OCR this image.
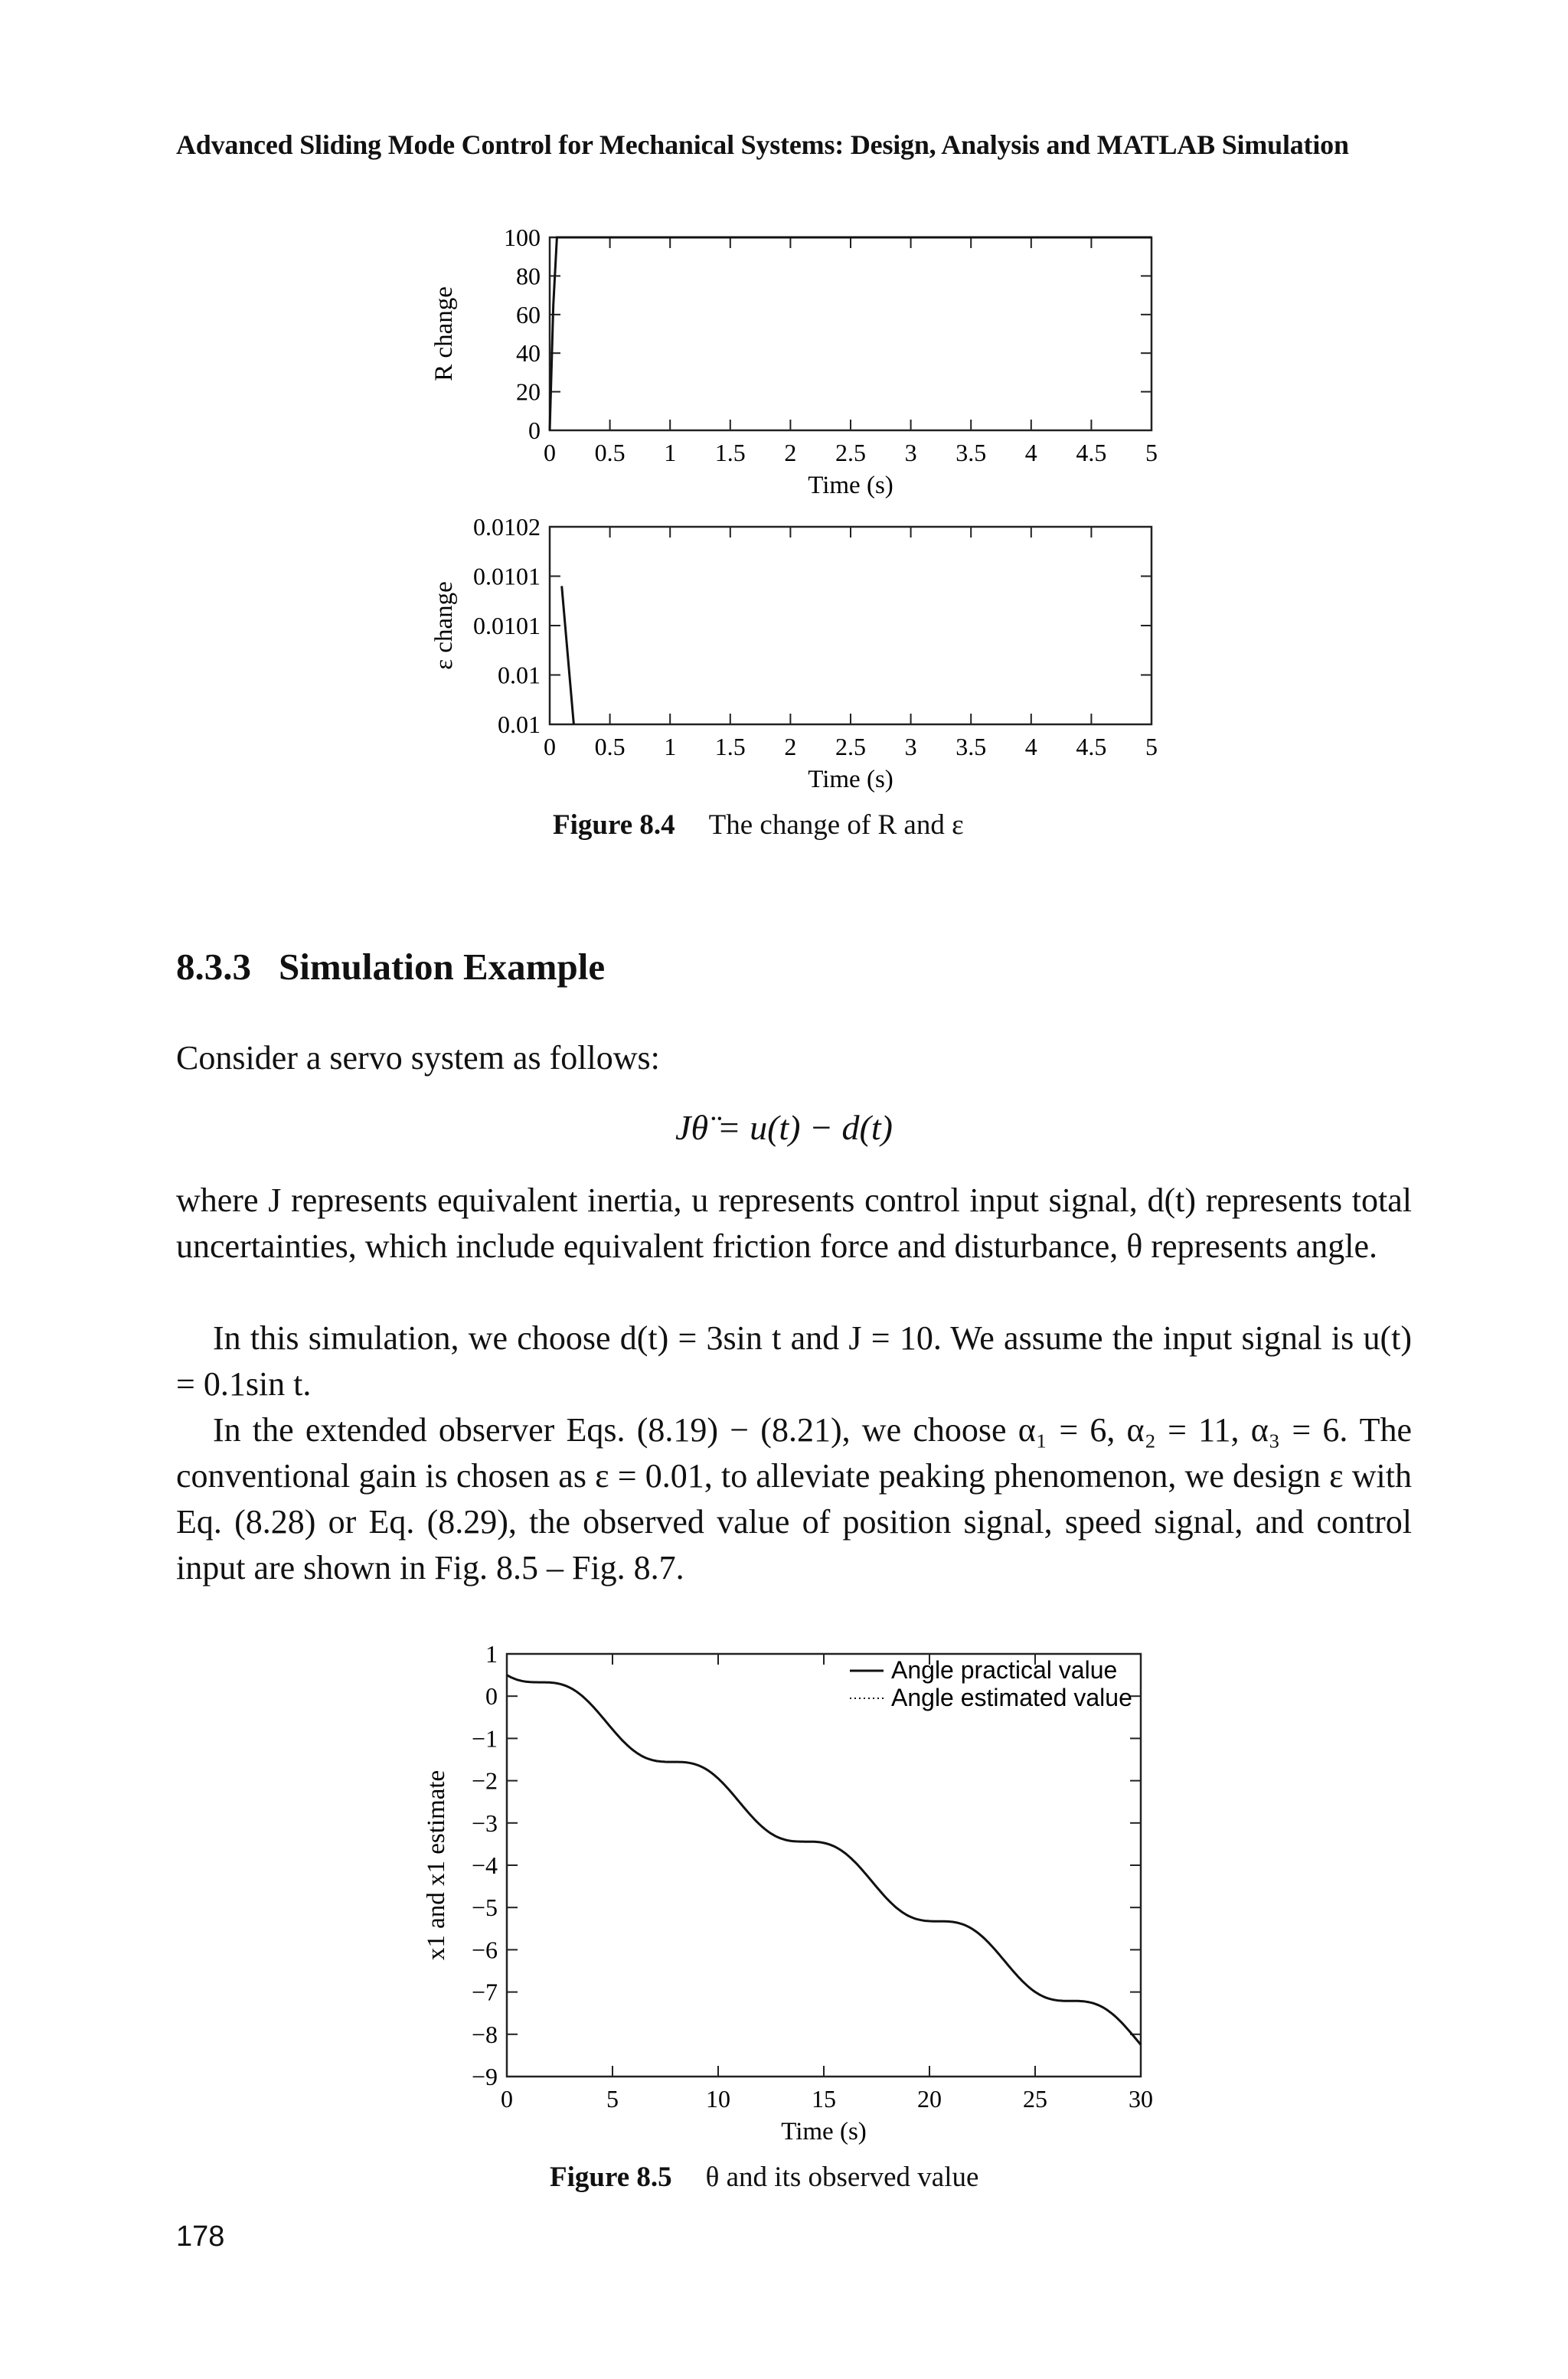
Advanced Sliding Mode Control for Mechanical Systems: Design, Analysis and MATLAB Simulation
0 0.5 1 1.5 2 2.5 3 3.5 4 4.5 5
0
20
40
60
80
100
Time (s)
R change
0 0.5 1 1.5 2 2.5 3 3.5 4 4.5 5
0.01
0.01
0.0101
0.0101
0.0102
Time (s)
ε change
Figure 8.4 The change of R and ε
8.3.3 Simulation Example
Consider a servo system as follows:
Jθ̈ = u(t) − d(t)
where J represents equivalent inertia, u represents control input signal, d(t) represents total uncertainties, which include equivalent friction force and disturbance, θ represents angle.
In this simulation, we choose d(t) = 3sin t and J = 10. We assume the input signal is u(t) = 0.1sin t.
In the extended observer Eqs. (8.19) − (8.21), we choose α₁ = 6, α₂ = 11, α₃ = 6. The conventional gain is chosen as ε = 0.01, to alleviate peaking phenomenon, we design ε with Eq. (8.28) or Eq. (8.29), the observed value of position signal, speed signal, and control input are shown in Fig. 8.5 – Fig. 8.7.
0	5	10	15	20	25	30
1
0
−1
−2
−3
−4
−5
−6
−7
−8
−9
Time (s)
x1 and x1 estimate
Angle practical value
Angle estimated value
Figure 8.5 θ and its observed value
178
